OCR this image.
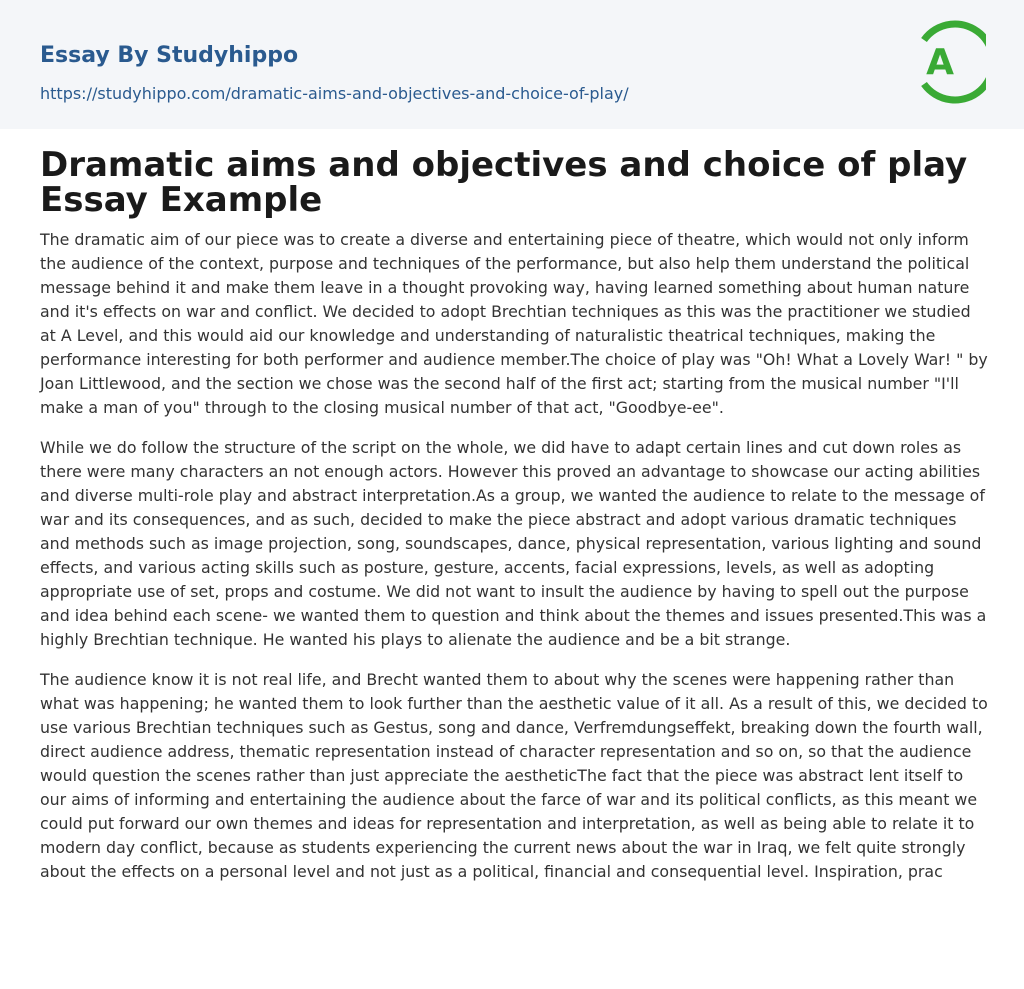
Essay By Studyhippo
https://studyhippo.com/dramatic-aims-and-objectives-and-choice-of-play/
A
Dramatic aims and objectives and choice of play Essay Example

The dramatic aim of our piece was to create a diverse and entertaining piece of theatre, which would not only inform the audience of the context, purpose and techniques of the performance, but also help them understand the political message behind it and make them leave in a thought provoking way, having learned something about human nature and it's effects on war and conflict. We decided to adopt Brechtian techniques as this was the practitioner we studied at A Level, and this would aid our knowledge and understanding of naturalistic theatrical techniques, making the performance interesting for both performer and audience member.The choice of play was "Oh! What a Lovely War! " by Joan Littlewood, and the section we chose was the second half of the first act; starting from the musical number "I'll make a man of you" through to the closing musical number of that act, "Goodbye-ee".

While we do follow the structure of the script on the whole, we did have to adapt certain lines and cut down roles as there were many characters an not enough actors. However this proved an advantage to showcase our acting abilities and diverse multi-role play and abstract interpretation.As a group, we wanted the audience to relate to the message of war and its consequences, and as such, decided to make the piece abstract and adopt various dramatic techniques and methods such as image projection, song, soundscapes, dance, physical representation, various lighting and sound effects, and various acting skills such as posture, gesture, accents, facial expressions, levels, as well as adopting appropriate use of set, props and costume. We did not want to insult the audience by having to spell out the purpose and idea behind each scene- we wanted them to question and think about the themes and issues presented.This was a highly Brechtian technique. He wanted his plays to alienate the audience and be a bit strange.

The audience know it is not real life, and Brecht wanted them to about why the scenes were happening rather than what was happening; he wanted them to look further than the aesthetic value of it all. As a result of this, we decided to use various Brechtian techniques such as Gestus, song and dance, Verfremdungseffekt, breaking down the fourth wall, direct audience address, thematic representation instead of character representation and so on, so that the audience would question the scenes rather than just appreciate the aestheticThe fact that the piece was abstract lent itself to our aims of informing and entertaining the audience about the farce of war and its political conflicts, as this meant we could put forward our own themes and ideas for representation and interpretation, as well as being able to relate it to modern day conflict, because as students experiencing the current news about the war in Iraq, we felt quite strongly about the effects on a personal level and not just as a political, financial and consequential level. Inspiration, prac
